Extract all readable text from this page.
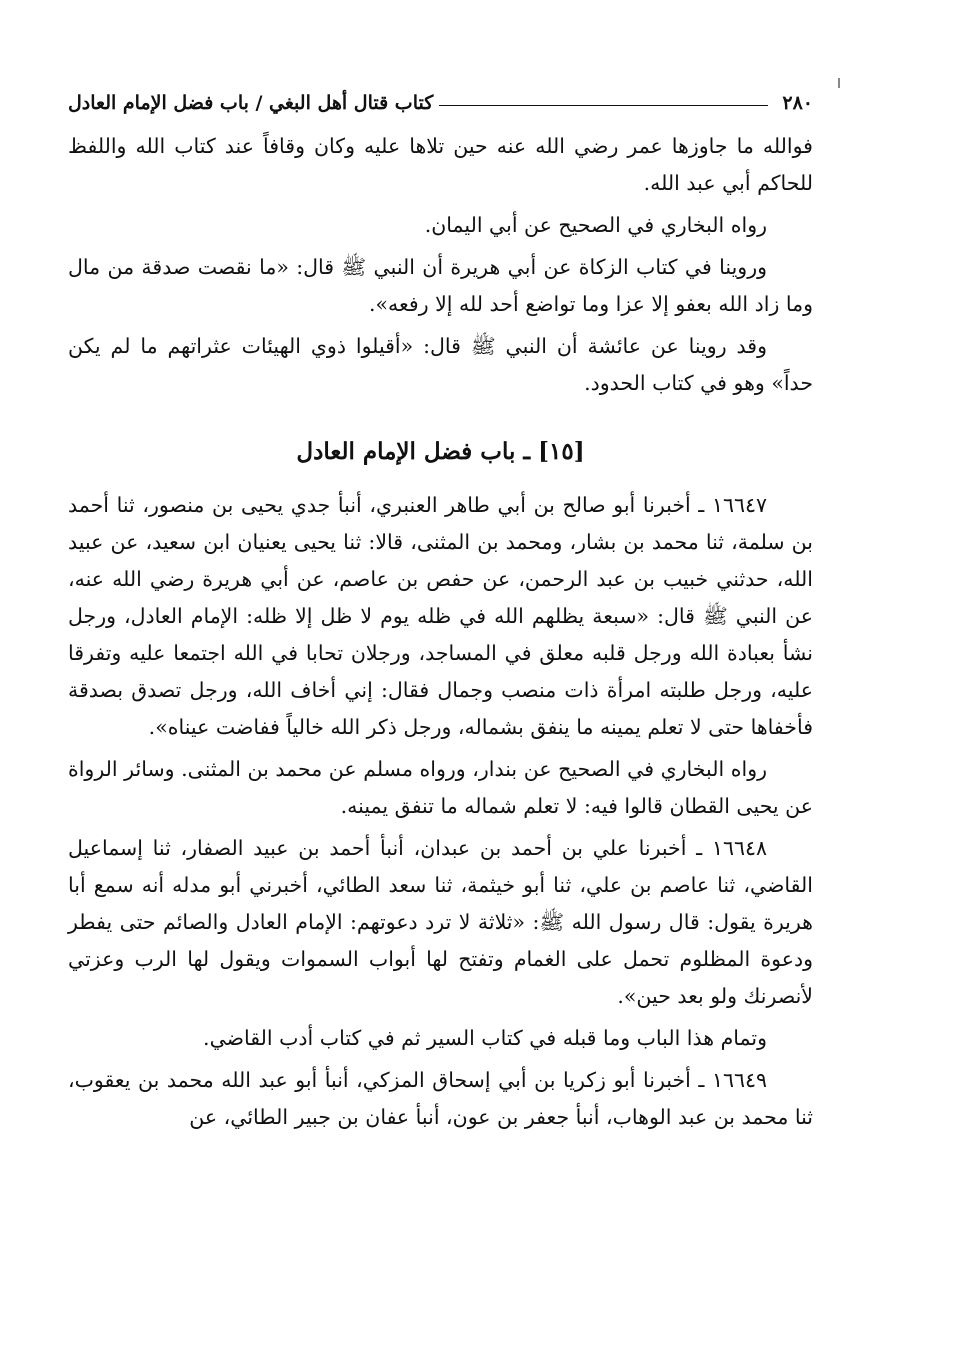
٢٨٠
كتاب قتال أهل البغي / باب فضل الإمام العادل

فوالله ما جاوزها عمر رضي الله عنه حين تلاها عليه وكان وقافاً عند كتاب الله واللفظ للحاكم أبي عبد الله.

رواه البخاري في الصحيح عن أبي اليمان.

وروينا في كتاب الزكاة عن أبي هريرة أن النبي ﷺ قال: «ما نقصت صدقة من مال وما زاد الله بعفو إلا عزا وما تواضع أحد لله إلا رفعه».

وقد روينا عن عائشة أن النبي ﷺ قال: «أقيلوا ذوي الهيئات عثراتهم ما لم يكن حداً» وهو في كتاب الحدود.

[١٥] ـ باب فضل الإمام العادل

١٦٦٤٧ ـ أخبرنا أبو صالح بن أبي طاهر العنبري، أنبأ جدي يحيى بن منصور، ثنا أحمد بن سلمة، ثنا محمد بن بشار، ومحمد بن المثنى، قالا: ثنا يحيى يعنيان ابن سعيد، عن عبيد الله، حدثني خبيب بن عبد الرحمن، عن حفص بن عاصم، عن أبي هريرة رضي الله عنه، عن النبي ﷺ قال: «سبعة يظلهم الله في ظله يوم لا ظل إلا ظله: الإمام العادل، ورجل نشأ بعبادة الله ورجل قلبه معلق في المساجد، ورجلان تحابا في الله اجتمعا عليه وتفرقا عليه، ورجل طلبته امرأة ذات منصب وجمال فقال: إني أخاف الله، ورجل تصدق بصدقة فأخفاها حتى لا تعلم يمينه ما ينفق بشماله، ورجل ذكر الله خالياً ففاضت عيناه».

رواه البخاري في الصحيح عن بندار، ورواه مسلم عن محمد بن المثنى. وسائر الرواة عن يحيى القطان قالوا فيه: لا تعلم شماله ما تنفق يمينه.

١٦٦٤٨ ـ أخبرنا علي بن أحمد بن عبدان، أنبأ أحمد بن عبيد الصفار، ثنا إسماعيل القاضي، ثنا عاصم بن علي، ثنا أبو خيثمة، ثنا سعد الطائي، أخبرني أبو مدله أنه سمع أبا هريرة يقول: قال رسول الله ﷺ: «ثلاثة لا ترد دعوتهم: الإمام العادل والصائم حتى يفطر ودعوة المظلوم تحمل على الغمام وتفتح لها أبواب السموات ويقول لها الرب وعزتي لأنصرنك ولو بعد حين».

وتمام هذا الباب وما قبله في كتاب السير ثم في كتاب أدب القاضي.

١٦٦٤٩ ـ أخبرنا أبو زكريا بن أبي إسحاق المزكي، أنبأ أبو عبد الله محمد بن يعقوب، ثنا محمد بن عبد الوهاب، أنبأ جعفر بن عون، أنبأ عفان بن جبير الطائي، عن
